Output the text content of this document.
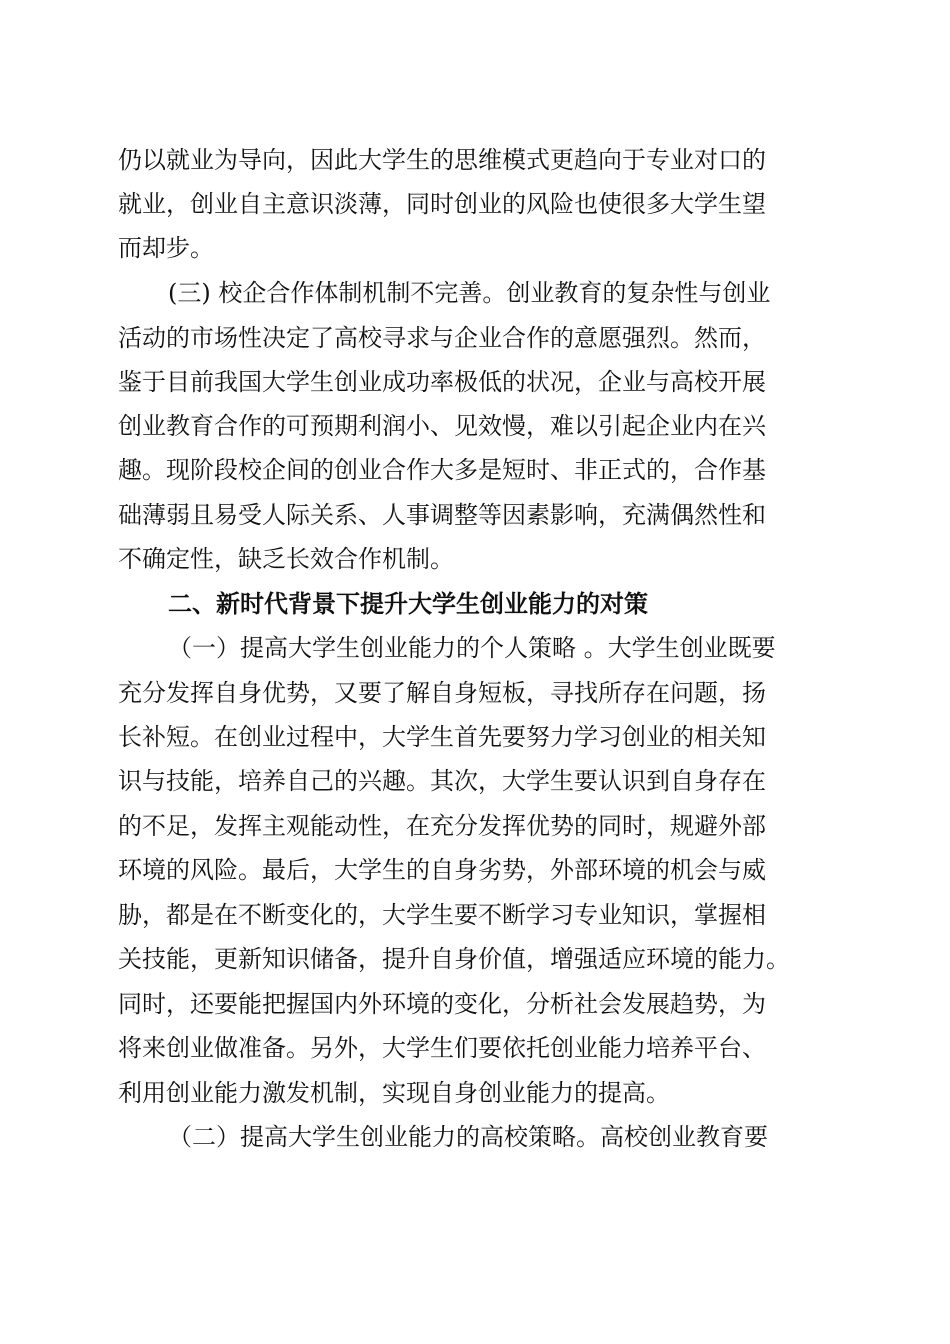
仍以就业为导向，因此大学生的思维模式更趋向于专业对口的
就业，创业自主意识淡薄，同时创业的风险也使很多大学生望
而却步。
(三) 校企合作体制机制不完善。创业教育的复杂性与创业
活动的市场性决定了高校寻求与企业合作的意愿强烈。然而，
鉴于目前我国大学生创业成功率极低的状况，企业与高校开展
创业教育合作的可预期利润小、见效慢，难以引起企业内在兴
趣。现阶段校企间的创业合作大多是短时、非正式的，合作基
础薄弱且易受人际关系、人事调整等因素影响，充满偶然性和
不确定性，缺乏长效合作机制。
二、新时代背景下提升大学生创业能力的对策
（一）提高大学生创业能力的个人策略 。大学生创业既要
充分发挥自身优势，又要了解自身短板，寻找所存在问题，扬
长补短。在创业过程中，大学生首先要努力学习创业的相关知
识与技能，培养自己的兴趣。其次，大学生要认识到自身存在
的不足，发挥主观能动性，在充分发挥优势的同时，规避外部
环境的风险。最后，大学生的自身劣势，外部环境的机会与威
胁，都是在不断变化的，大学生要不断学习专业知识，掌握相
关技能，更新知识储备，提升自身价值，增强适应环境的能力。
同时，还要能把握国内外环境的变化，分析社会发展趋势，为
将来创业做准备。另外，大学生们要依托创业能力培养平台、
利用创业能力激发机制，实现自身创业能力的提高。
（二）提高大学生创业能力的高校策略。高校创业教育要
